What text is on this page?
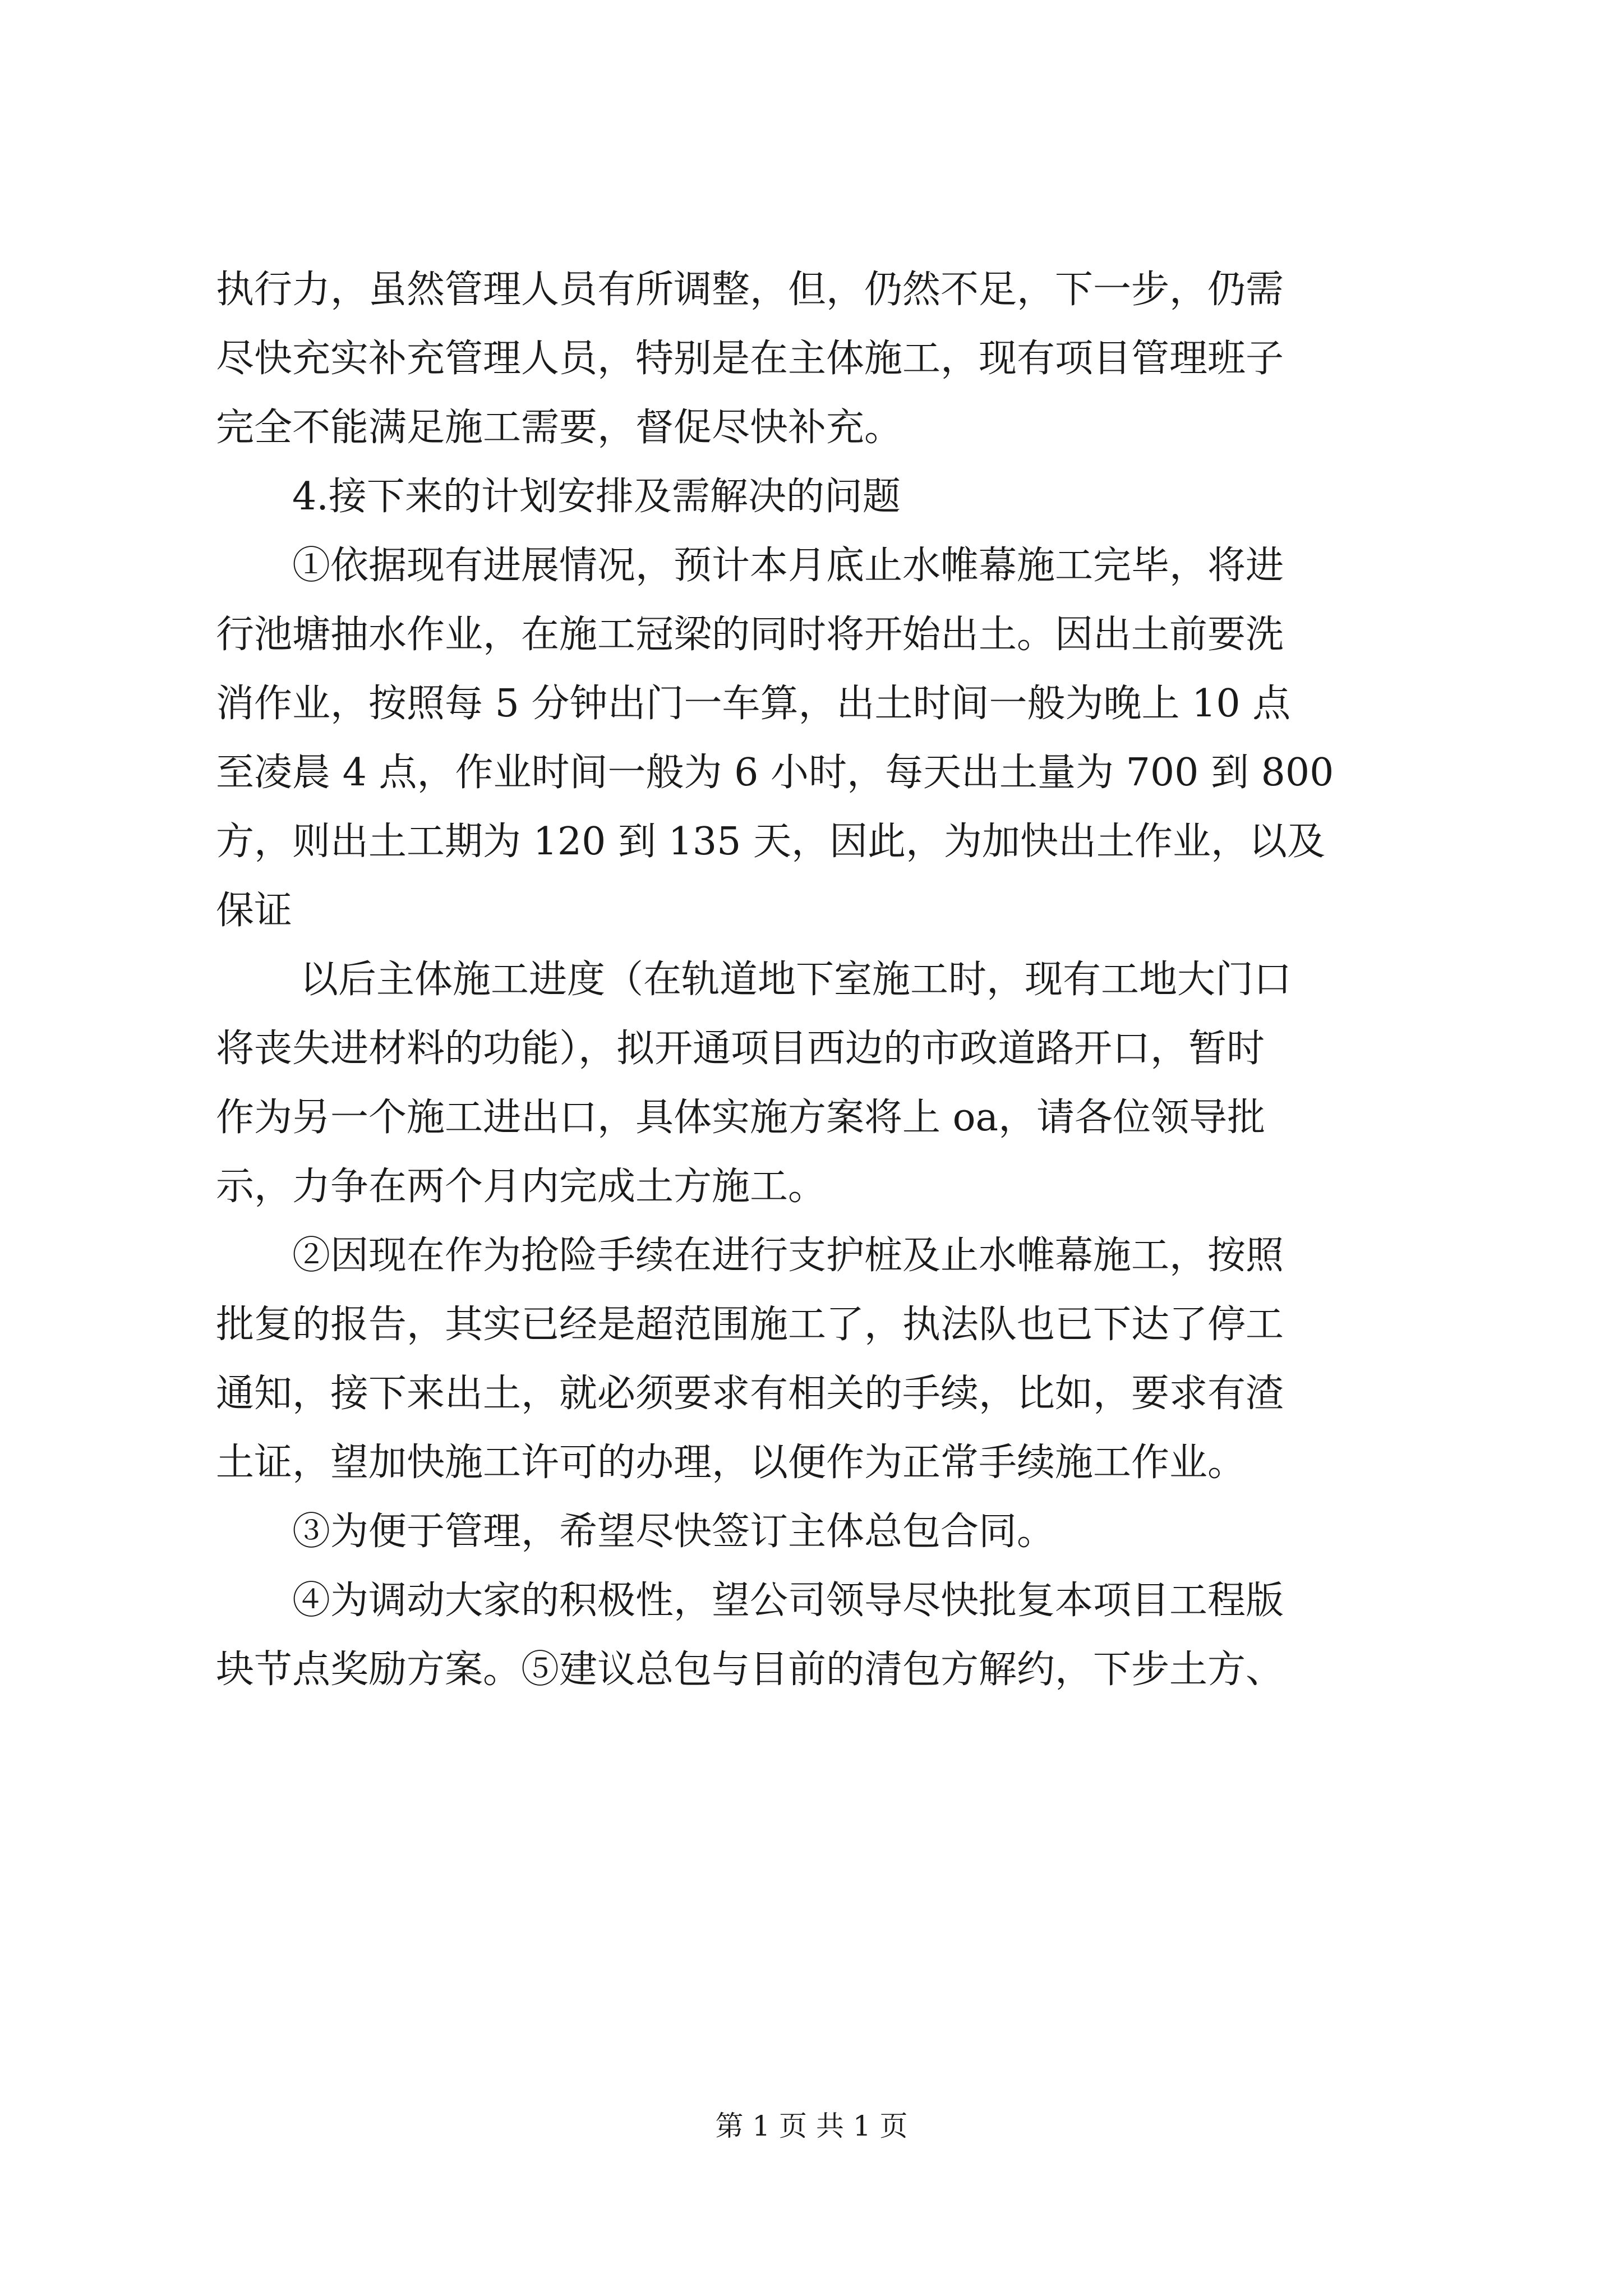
执行力，虽然管理人员有所调整，但，仍然不足，下一步，仍需
尽快充实补充管理人员，特别是在主体施工，现有项目管理班子
完全不能满足施工需要，督促尽快补充。
4.接下来的计划安排及需解决的问题
①依据现有进展情况，预计本月底止水帷幕施工完毕，将进
行池塘抽水作业，在施工冠梁的同时将开始出土。因出土前要洗
消作业，按照每 5 分钟出门一车算，出土时间一般为晚上 10 点
至凌晨 4 点，作业时间一般为 6 小时，每天出土量为 700 到 800
方，则出土工期为 120 到 135 天，因此，为加快出土作业，以及
保证
以后主体施工进度（在轨道地下室施工时，现有工地大门口
将丧失进材料的功能），拟开通项目西边的市政道路开口，暂时
作为另一个施工进出口，具体实施方案将上 oa，请各位领导批
示，力争在两个月内完成土方施工。
②因现在作为抢险手续在进行支护桩及止水帷幕施工，按照
批复的报告，其实已经是超范围施工了，执法队也已下达了停工
通知，接下来出土，就必须要求有相关的手续，比如，要求有渣
土证，望加快施工许可的办理，以便作为正常手续施工作业。
③为便于管理，希望尽快签订主体总包合同。
④为调动大家的积极性，望公司领导尽快批复本项目工程版
块节点奖励方案。⑤建议总包与目前的清包方解约，下步土方、
第 1 页 共 1 页
